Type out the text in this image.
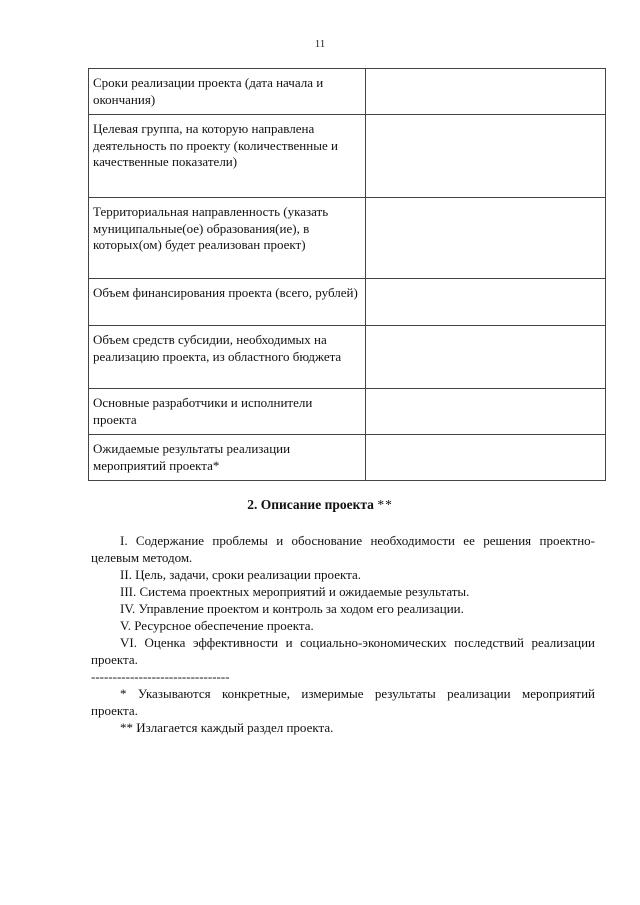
11
Сроки реализации проекта (дата начала и окончания)	
Целевая группа, на которую направлена деятельность по проекту (количественные и качественные показатели)	
Территориальная направленность (указать муниципальные(ое) образования(ие), в которых(ом) будет реализован проект)	
Объем финансирования проекта (всего, рублей)	
Объем средств субсидии, необходимых на реализацию проекта, из областного бюджета	
Основные разработчики и исполнители проекта	
Ожидаемые результаты реализации мероприятий проекта*	
2. Описание проекта **

I. Содержание проблемы и обоснование необходимости ее решения проектно-целевым методом.

II. Цель, задачи, сроки реализации проекта.

III. Система проектных мероприятий и ожидаемые результаты.

IV. Управление проектом и контроль за ходом его реализации.

V. Ресурсное обеспечение проекта.

VI. Оценка эффективности и социально-экономических последствий реализации проекта.

--------------------------------

* Указываются конкретные, измеримые результаты реализации мероприятий проекта.

** Излагается каждый раздел проекта.
